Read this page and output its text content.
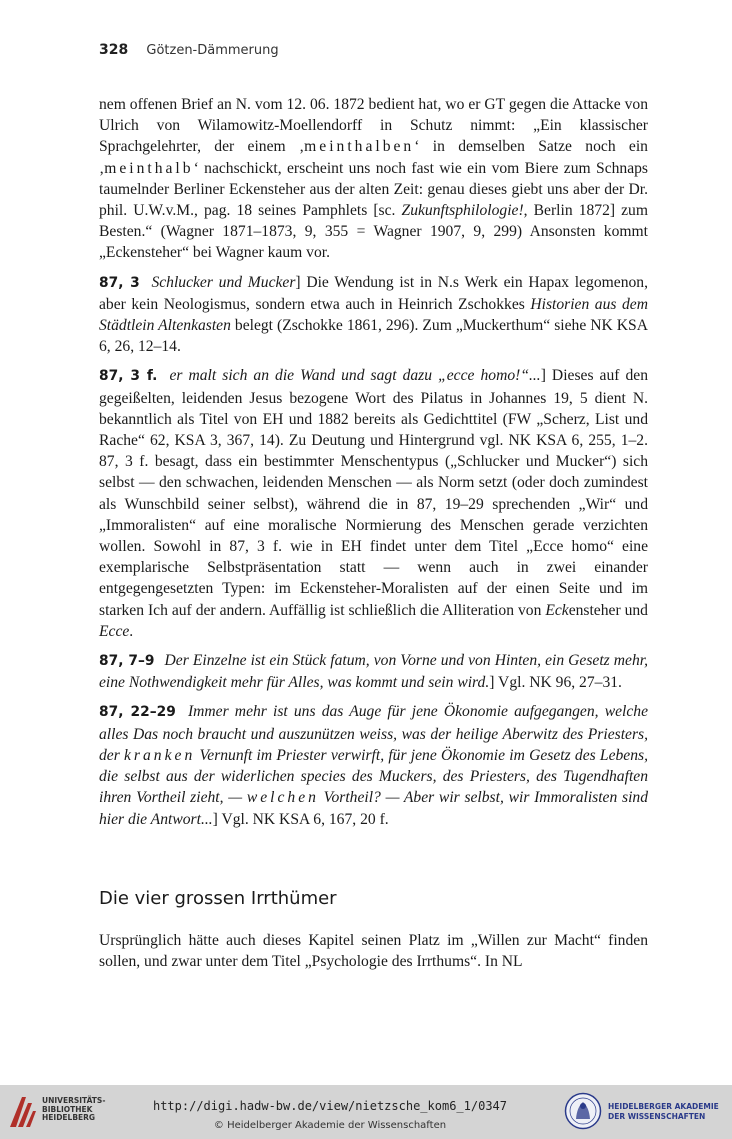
328 Götzen-Dämmerung

nem offenen Brief an N. vom 12. 06. 1872 bedient hat, wo er GT gegen die Attacke von Ulrich von Wilamowitz-Moellendorff in Schutz nimmt: „Ein klassischer Sprachgelehrter, der einem ‚meinthalben‘ in demselben Satze noch ein ‚meinthalb‘ nachschickt, erscheint uns noch fast wie ein vom Biere zum Schnaps taumelnder Berliner Eckensteher aus der alten Zeit: genau dieses giebt uns aber der Dr. phil. U.W.v.M., pag. 18 seines Pamphlets [sc. Zukunftsphilologie!, Berlin 1872] zum Besten.“ (Wagner 1871–1873, 9, 355 = Wagner 1907, 9, 299) Ansonsten kommt „Eckensteher“ bei Wagner kaum vor.

87, 3 Schlucker und Mucker] Die Wendung ist in N.s Werk ein Hapax legomenon, aber kein Neologismus, sondern etwa auch in Heinrich Zschokkes Historien aus dem Städtlein Altenkasten belegt (Zschokke 1861, 296). Zum „Muckerthum“ siehe NK KSA 6, 26, 12–14.

87, 3 f. er malt sich an die Wand und sagt dazu „ecce homo!“...] Dieses auf den gegeißelten, leidenden Jesus bezogene Wort des Pilatus in Johannes 19, 5 dient N. bekanntlich als Titel von EH und 1882 bereits als Gedichttitel (FW „Scherz, List und Rache“ 62, KSA 3, 367, 14). Zu Deutung und Hintergrund vgl. NK KSA 6, 255, 1–2. 87, 3 f. besagt, dass ein bestimmter Menschentypus („Schlucker und Mucker“) sich selbst — den schwachen, leidenden Menschen — als Norm setzt (oder doch zumindest als Wunschbild seiner selbst), während die in 87, 19–29 sprechenden „Wir“ und „Immoralisten“ auf eine moralische Normierung des Menschen gerade verzichten wollen. Sowohl in 87, 3 f. wie in EH findet unter dem Titel „Ecce homo“ eine exemplarische Selbstpräsentation statt — wenn auch in zwei einander entgegengesetzten Typen: im Eckensteher-Moralisten auf der einen Seite und im starken Ich auf der andern. Auffällig ist schließlich die Alliteration von Eckensteher und Ecce.

87, 7–9 Der Einzelne ist ein Stück fatum, von Vorne und von Hinten, ein Gesetz mehr, eine Nothwendigkeit mehr für Alles, was kommt und sein wird.] Vgl. NK 96, 27–31.

87, 22–29 Immer mehr ist uns das Auge für jene Ökonomie aufgegangen, welche alles Das noch braucht und auszunützen weiss, was der heilige Aberwitz des Priesters, der kranken Vernunft im Priester verwirft, für jene Ökonomie im Gesetz des Lebens, die selbst aus der widerlichen species des Muckers, des Priesters, des Tugendhaften ihren Vortheil zieht, — welchen Vortheil? — Aber wir selbst, wir Immoralisten sind hier die Antwort...] Vgl. NK KSA 6, 167, 20 f.

Die vier grossen Irrthümer

Ursprünglich hätte auch dieses Kapitel seinen Platz im „Willen zur Macht“ finden sollen, und zwar unter dem Titel „Psychologie des Irrthums“. In NL

UNIVERSITÄTS-
BIBLIOTHEK
HEIDELBERG
http://digi.hadw-bw.de/view/nietzsche_kom6_1/0347
© Heidelberger Akademie der Wissenschaften
HEIDELBERGER AKADEMIE
DER WISSENSCHAFTEN
